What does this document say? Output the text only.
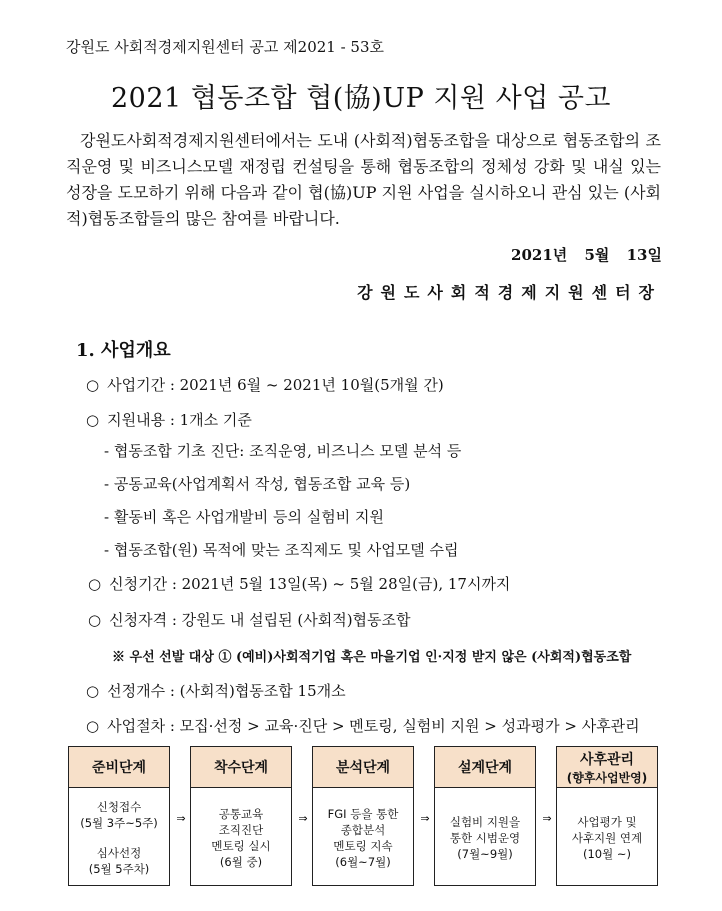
강원도 사회적경제지원센터 공고 제2021 - 53호
2021 협동조합 협(協)UP 지원 사업 공고

강원도사회적경제지원센터에서는 도내 (사회적)협동조합을 대상으로 협동조합의 조직운영 및 비즈니스모델 재정립 컨설팅을 통해 협동조합의 정체성 강화 및 내실 있는 성장을 도모하기 위해 다음과 같이 협(協)UP 지원 사업을 실시하오니 관심 있는 (사회적)협동조합들의 많은 참여를 바랍니다.

2021년 5월 13일
강원도사회적경제지원센터장
1. 사업개요
○ 사업기간 : 2021년 6월 ~ 2021년 10월(5개월 간)
○ 지원내용 : 1개소 기준
- 협동조합 기초 진단: 조직운영, 비즈니스 모델 분석 등
- 공동교육(사업계획서 작성, 협동조합 교육 등)
- 활동비 혹은 사업개발비 등의 실험비 지원
- 협동조합(원) 목적에 맞는 조직제도 및 사업모델 수립
○ 신청기간 : 2021년 5월 13일(목) ~ 5월 28일(금), 17시까지
○ 신청자격 : 강원도 내 설립된 (사회적)협동조합
※ 우선 선발 대상 ① (예비)사회적기업 혹은 마을기업 인·지정 받지 않은 (사회적)협동조합
○ 선정개수 : (사회적)협동조합 15개소
○ 사업절차 : 모집·선정 > 교육·진단 > 멘토링, 실험비 지원 > 성과평가 > 사후관리
준비단계
신청접수
(5월 3주~5주)
심사선정
(5월 5주차)
⇒
착수단계
공통교육
조직진단
멘토링 실시
(6월 중)
⇒
분석단계
FGI 등을 통한
종합분석
멘토링 지속
(6월~7월)
⇒
설계단계
실험비 지원을
통한 시범운영
(7월~9월)
⇒
사후관리
(향후사업반영)
사업평가 및
사후지원 연계
(10월 ~)
